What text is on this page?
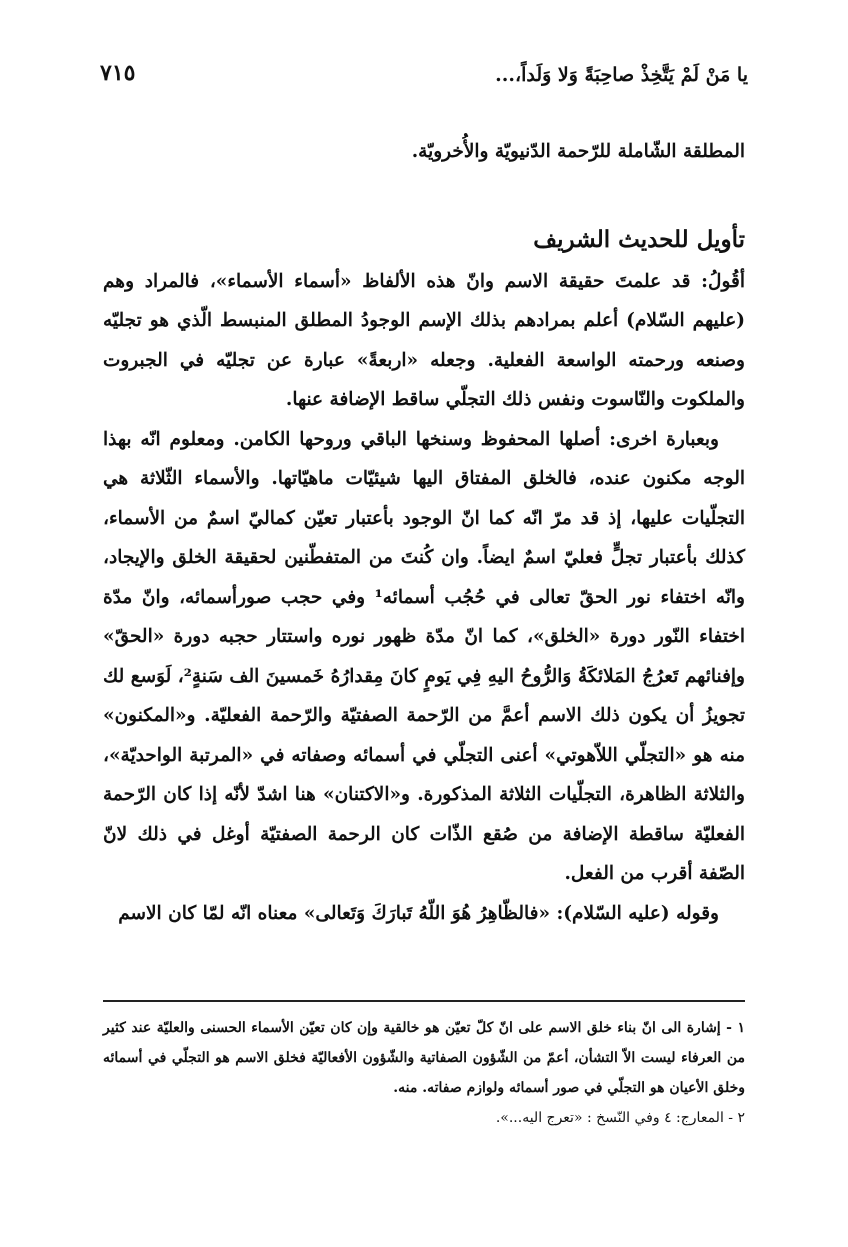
يا مَنْ لَمْ يَتَّخِذْ صاحِبَةً وَلا وَلَداً،...
٧١٥

المطلقة الشّاملة للرّحمة الدّنيويّة والأُخرويّة.

تأويل للحديث الشريف

أقُولُ: قد علمتَ حقيقة الاسم وانّ هذه الألفاظ «أسماء الأسماء»، فالمراد وهم (عليهم السّلام) أعلم بمرادهم بذلك الإسم الوجودُ المطلق المنبسط الّذي هو تجليّه وصنعه ورحمته الواسعة الفعلية. وجعله «اربعةً» عبارة عن تجليّه في الجبروت والملكوت والنّاسوت ونفس ذلك التجلّي ساقط الإضافة عنها.

وبعبارة اخرى: أصلها المحفوظ وسنخها الباقي وروحها الكامن. ومعلوم انّه بهذا الوجه مكنون عنده، فالخلق المفتاق اليها شيئيّات ماهيّاتها. والأسماء الثّلاثة هي التجلّيات عليها، إذ قد مرّ انّه كما انّ الوجود بأعتبار تعيّن كماليّ اسمٌ من الأسماء، كذلك بأعتبار تجلٍّ فعليّ اسمٌ ايضاً. وان كُنتَ من المتفطّنين لحقيقة الخلق والإيجاد، وانّه اختفاء نور الحقّ تعالى في حُجُب أسمائه¹ وفي حجب صورأسمائه، وانّ مدّة اختفاء النّور دورة «الخلق»، كما انّ مدّة ظهور نوره واستتار حجبه دورة «الحقّ» وإفنائهم تَعرُجُ المَلائكَةُ وَالرُّوحُ اليهِ فِي يَومٍ كانَ مِقدارُهُ خَمسينَ الف سَنةٍ²، لَوَسع لك تجويزُ أن يكون ذلك الاسم أعمَّ من الرّحمة الصفتيّة والرّحمة الفعليّة. و«المكنون» منه هو «التجلّي اللاّهوتي» أعنى التجلّي في أسمائه وصفاته في «المرتبة الواحديّة»، والثلاثة الظاهرة، التجلّيات الثلاثة المذكورة. و«الاكتنان» هنا اشدّ لأنّه إذا كان الرّحمة الفعليّة ساقطة الإضافة من صُقع الذّات كان الرحمة الصفتيّة أوغل في ذلك لانّ الصّفة أقرب من الفعل.

وقوله (عليه السّلام): «فالظّاهِرُ هُوَ اللّهُ تَبارَكَ وَتَعالى» معناه انّه لمّا كان الاسم

١ - إشارة الى انّ بناء خلق الاسم على انّ كلّ تعيّن هو خالقية وإن كان تعيّن الأسماء الحسنى والعليّة عند كثير من العرفاء ليست الاّ التشأن، أعمّ من الشّؤون الصفاتية والشّؤون الأفعاليّة فخلق الاسم هو التجلّي في أسمائه وخلق الأعيان هو التجلّي في صور أسمائه ولوازم صفاته. منه.

٢ - المعارج: ٤ وفي النّسخ : «تعرج اليه...».
